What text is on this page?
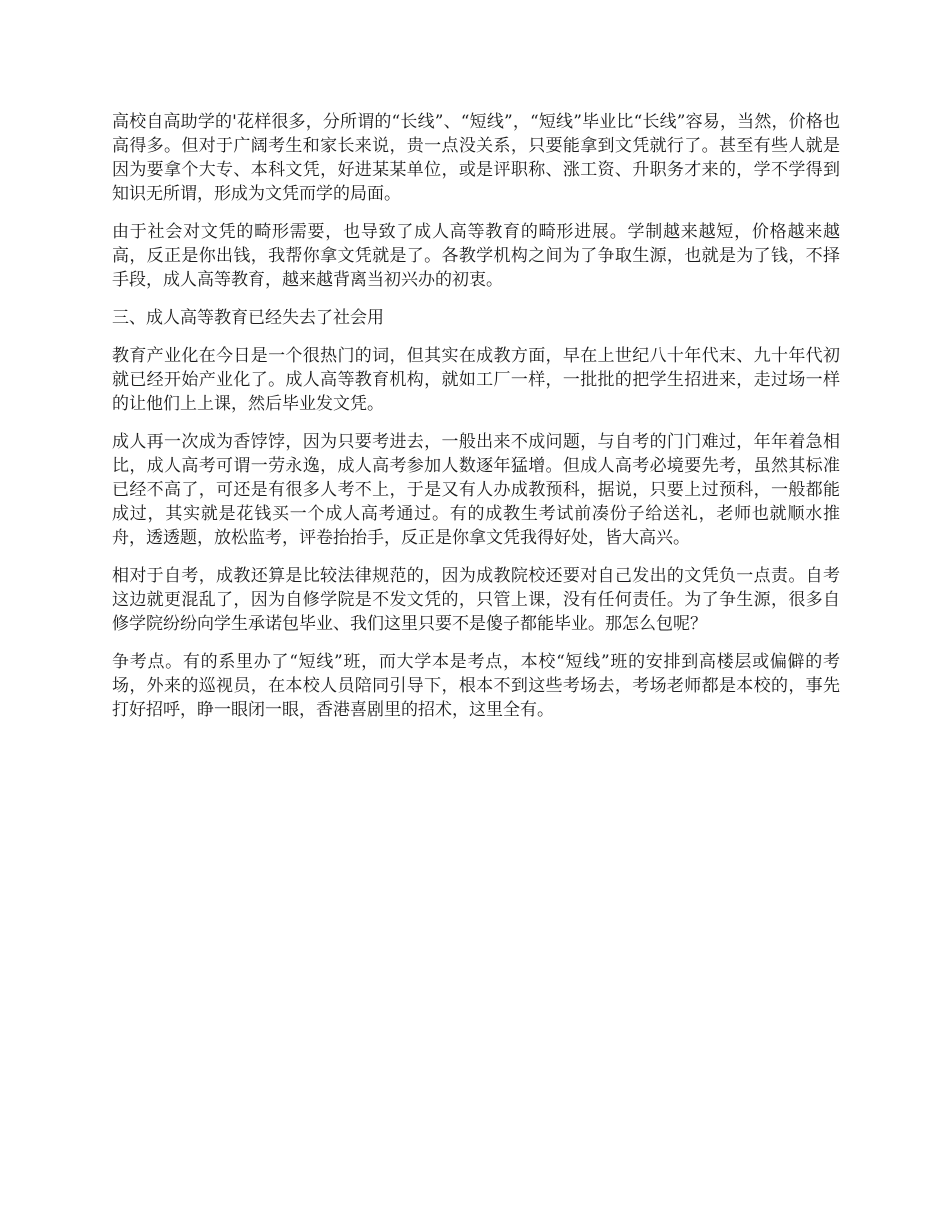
高校自高助学的'花样很多，分所谓的“长线”、“短线”，“短线”毕业比“长线”容易，当然，价格也高得多。但对于广阔考生和家长来说，贵一点没关系，只要能拿到文凭就行了。甚至有些人就是因为要拿个大专、本科文凭，好进某某单位，或是评职称、涨工资、升职务才来的，学不学得到知识无所谓，形成为文凭而学的局面。

由于社会对文凭的畸形需要，也导致了成人高等教育的畸形进展。学制越来越短，价格越来越高，反正是你出钱，我帮你拿文凭就是了。各教学机构之间为了争取生源，也就是为了钱，不择手段，成人高等教育，越来越背离当初兴办的初衷。

三、成人高等教育已经失去了社会用

教育产业化在今日是一个很热门的词，但其实在成教方面，早在上世纪八十年代末、九十年代初就已经开始产业化了。成人高等教育机构，就如工厂一样，一批批的把学生招进来，走过场一样的让他们上上课，然后毕业发文凭。

成人再一次成为香饽饽，因为只要考进去，一般出来不成问题，与自考的门门难过，年年着急相比，成人高考可谓一劳永逸，成人高考参加人数逐年猛增。但成人高考必境要先考，虽然其标准已经不高了，可还是有很多人考不上，于是又有人办成教预科，据说，只要上过预科，一般都能成过，其实就是花钱买一个成人高考通过。有的成教生考试前凑份子给送礼，老师也就顺水推舟，透透题，放松监考，评卷抬抬手，反正是你拿文凭我得好处，皆大高兴。

相对于自考，成教还算是比较法律规范的，因为成教院校还要对自己发出的文凭负一点责。自考这边就更混乱了，因为自修学院是不发文凭的，只管上课，没有任何责任。为了争生源，很多自修学院纷纷向学生承诺包毕业、我们这里只要不是傻子都能毕业。那怎么包呢？

争考点。有的系里办了“短线”班，而大学本是考点，本校“短线”班的安排到高楼层或偏僻的考场，外来的巡视员，在本校人员陪同引导下，根本不到这些考场去，考场老师都是本校的，事先打好招呼，睁一眼闭一眼，香港喜剧里的招术，这里全有。
